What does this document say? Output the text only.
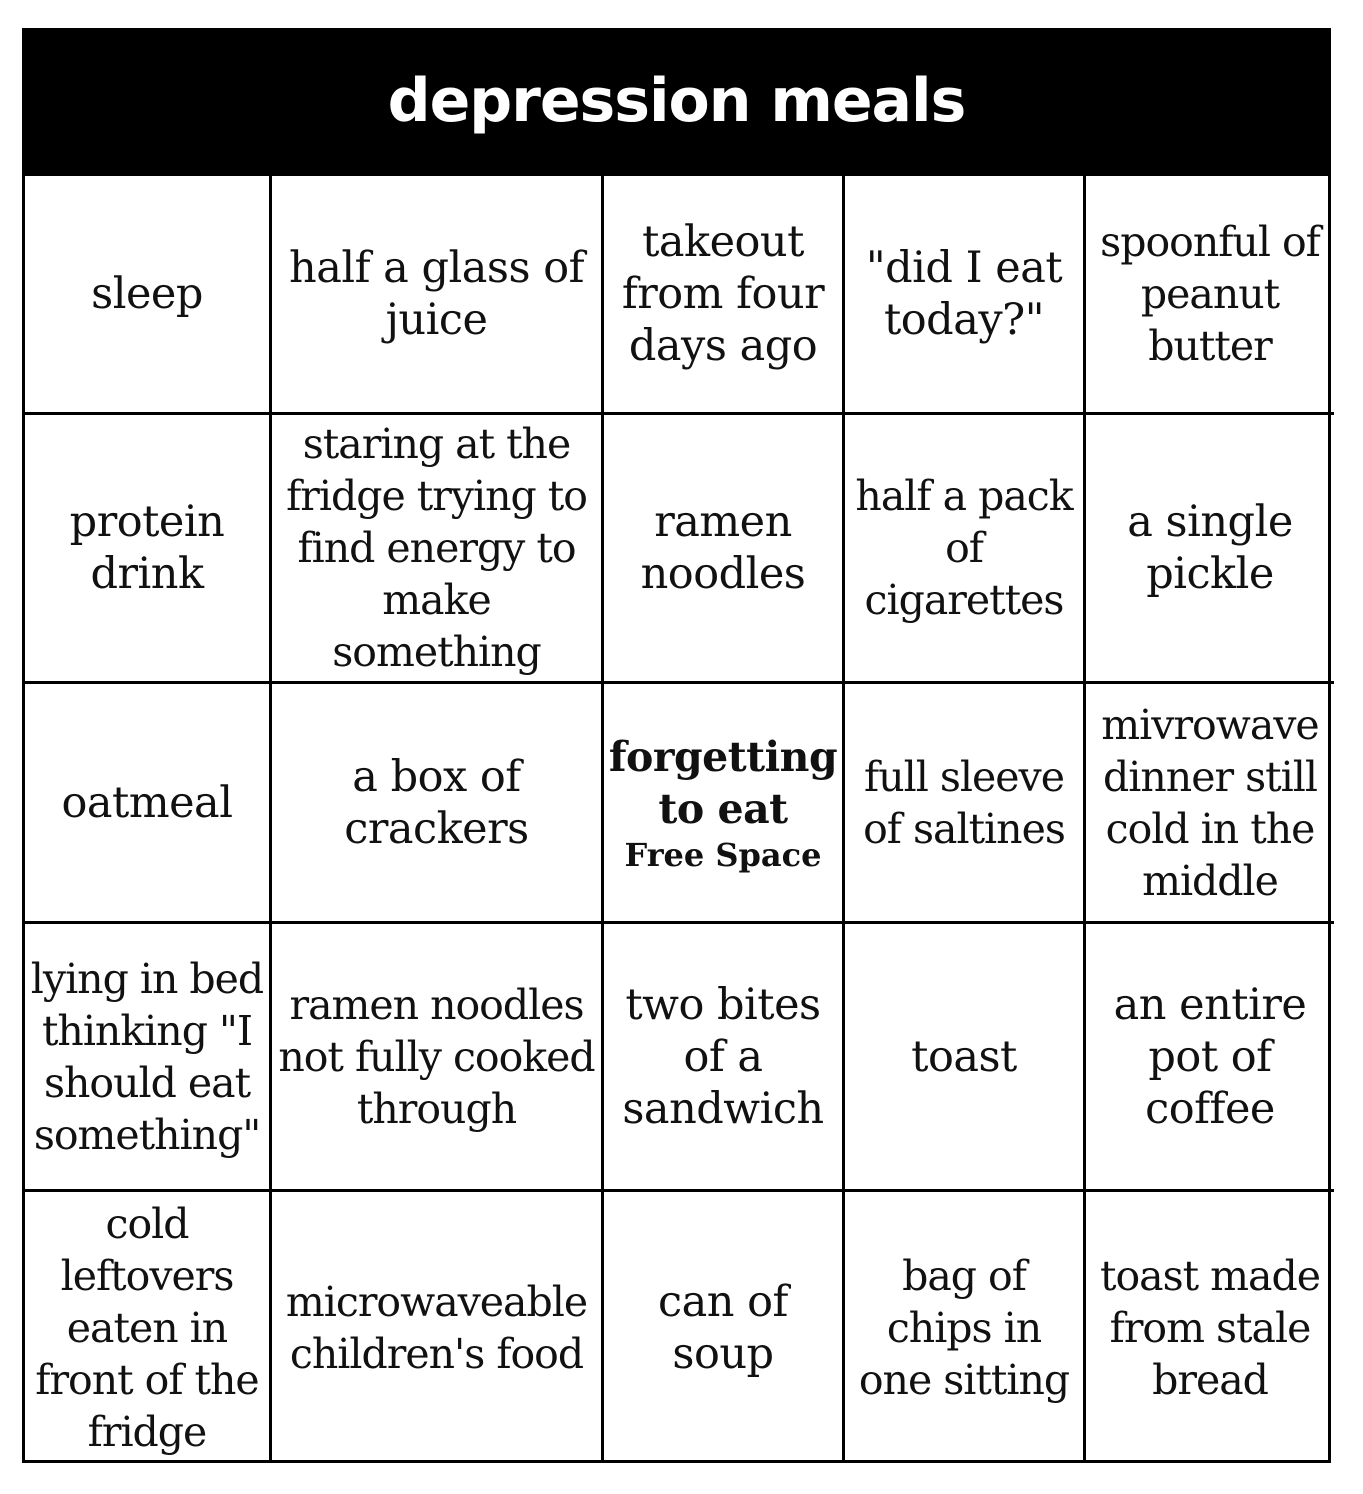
depression meals
sleep
half a glass of juice
takeout from four days ago
"did I eat today?"
spoonful of peanut butter
protein drink
staring at the fridge trying to find energy to make something
ramen noodles
half a pack of cigarettes
a single pickle
oatmeal
a box of crackers
forgetting to eat
Free Space
full sleeve of saltines
mivrowave dinner still cold in the middle
lying in bed thinking "I should eat something"
ramen noodles not fully cooked through
two bites of a sandwich
toast
an entire pot of coffee
cold leftovers eaten in front of the fridge
microwaveable children's food
can of soup
bag of chips in one sitting
toast made from stale bread
